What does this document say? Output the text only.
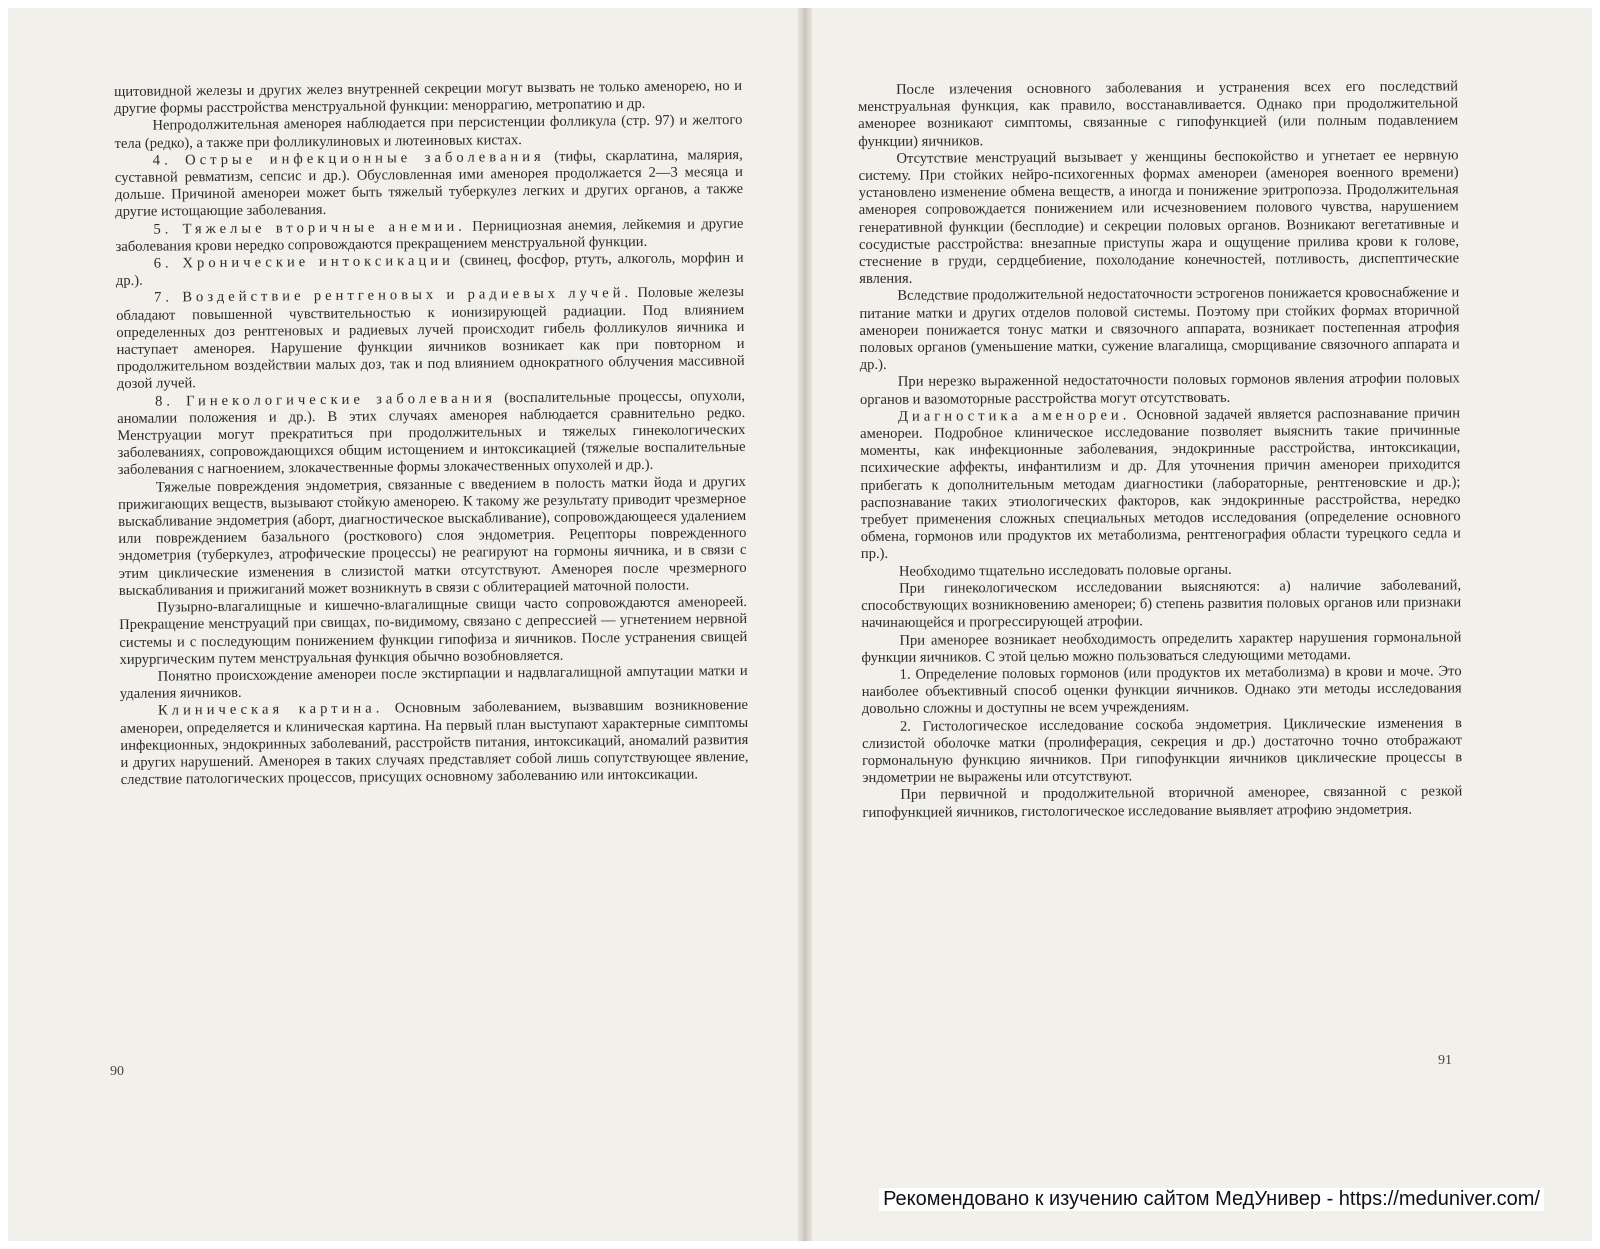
щитовидной железы и других желез внутренней секреции могут вызвать не только аменорею, но и другие формы расстройства менструальной функции: меноррагию, метропатию и др.

Непродолжительная аменорея наблюдается при персистенции фолликула (стр. 97) и желтого тела (редко), а также при фолликулиновых и лютеиновых кистах.

4. Острые инфекционные заболевания (тифы, скарлатина, малярия, суставной ревматизм, сепсис и др.). Обусловленная ими аменорея продолжается 2—3 месяца и дольше. Причиной аменореи может быть тяжелый туберкулез легких и других органов, а также другие истощающие заболевания.

5. Тяжелые вторичные анемии. Пернициозная анемия, лейкемия и другие заболевания крови нередко сопровождаются прекращением менструальной функции.

6. Хронические интоксикации (свинец, фосфор, ртуть, алкоголь, морфин и др.).

7. Воздействие рентгеновых и радиевых лучей. Половые железы обладают повышенной чувствительностью к ионизирующей радиации. Под влиянием определенных доз рентгеновых и радиевых лучей происходит гибель фолликулов яичника и наступает аменорея. Нарушение функции яичников возникает как при повторном и продолжительном воздействии малых доз, так и под влиянием однократного облучения массивной дозой лучей.

8. Гинекологические заболевания (воспалительные процессы, опухоли, аномалии положения и др.). В этих случаях аменорея наблюдается сравнительно редко. Менструации могут прекратиться при продолжительных и тяжелых гинекологических заболеваниях, сопровождающихся общим истощением и интоксикацией (тяжелые воспалительные заболевания с нагноением, злокачественные формы злокачественных опухолей и др.).

Тяжелые повреждения эндометрия, связанные с введением в полость матки йода и других прижигающих веществ, вызывают стойкую аменорею. К такому же результату приводит чрезмерное выскабливание эндометрия (аборт, диагностическое выскабливание), сопровождающееся удалением или повреждением базального (росткового) слоя эндометрия. Рецепторы поврежденного эндометрия (туберкулез, атрофические процессы) не реагируют на гормоны яичника, и в связи с этим циклические изменения в слизистой матки отсутствуют. Аменорея после чрезмерного выскабливания и прижиганий может возникнуть в связи с облитерацией маточной полости.

Пузырно-влагалищные и кишечно-влагалищные свищи часто сопровождаются аменореей. Прекращение менструаций при свищах, по-видимому, связано с депрессией — угнетением нервной системы и с последующим понижением функции гипофиза и яичников. После устранения свищей хирургическим путем менструальная функция обычно возобновляется.

Понятно происхождение аменореи после экстирпации и надвлагалищной ампутации матки и удаления яичников.

Клиническая картина. Основным заболеванием, вызвавшим возникновение аменореи, определяется и клиническая картина. На первый план выступают характерные симптомы инфекционных, эндокринных заболеваний, расстройств питания, интоксикаций, аномалий развития и других нарушений. Аменорея в таких случаях представляет собой лишь сопутствующее явление, следствие патологических процессов, присущих основному заболеванию или интоксикации.

90

После излечения основного заболевания и устранения всех его последствий менструальная функция, как правило, восстанавливается. Однако при продолжительной аменорее возникают симптомы, связанные с гипофункцией (или полным подавлением функции) яичников.

Отсутствие менструаций вызывает у женщины беспокойство и угнетает ее нервную систему. При стойких нейро-психогенных формах аменореи (аменорея военного времени) установлено изменение обмена веществ, а иногда и понижение эритропоэза. Продолжительная аменорея сопровождается понижением или исчезновением полового чувства, нарушением генеративной функции (бесплодие) и секреции половых органов. Возникают вегетативные и сосудистые расстройства: внезапные приступы жара и ощущение прилива крови к голове, стеснение в груди, сердцебиение, похолодание конечностей, потливость, диспептические явления.

Вследствие продолжительной недостаточности эстрогенов понижается кровоснабжение и питание матки и других отделов половой системы. Поэтому при стойких формах вторичной аменореи понижается тонус матки и связочного аппарата, возникает постепенная атрофия половых органов (уменьшение матки, сужение влагалища, сморщивание связочного аппарата и др.).

При нерезко выраженной недостаточности половых гормонов явления атрофии половых органов и вазомоторные расстройства могут отсутствовать.

Диагностика аменореи. Основной задачей является распознавание причин аменореи. Подробное клиническое исследование позволяет выяснить такие причинные моменты, как инфекционные заболевания, эндокринные расстройства, интоксикации, психические аффекты, инфантилизм и др. Для уточнения причин аменореи приходится прибегать к дополнительным методам диагностики (лабораторные, рентгеновские и др.); распознавание таких этиологических факторов, как эндокринные расстройства, нередко требует применения сложных специальных методов исследования (определение основного обмена, гормонов или продуктов их метаболизма, рентгенография области турецкого седла и пр.).

Необходимо тщательно исследовать половые органы.

При гинекологическом исследовании выясняются: а) наличие заболеваний, способствующих возникновению аменореи; б) степень развития половых органов или признаки начинающейся и прогрессирующей атрофии.

При аменорее возникает необходимость определить характер нарушения гормональной функции яичников. С этой целью можно пользоваться следующими методами.

1. Определение половых гормонов (или продуктов их метаболизма) в крови и моче. Это наиболее объективный способ оценки функции яичников. Однако эти методы исследования довольно сложны и доступны не всем учреждениям.

2. Гистологическое исследование соскоба эндометрия. Циклические изменения в слизистой оболочке матки (пролиферация, секреция и др.) достаточно точно отображают гормональную функцию яичников. При гипофункции яичников циклические процессы в эндометрии не выражены или отсутствуют.

При первичной и продолжительной вторичной аменорее, связанной с резкой гипофункцией яичников, гистологическое исследование выявляет атрофию эндометрия.

91
Рекомендовано к изучению сайтом МедУнивер - https://meduniver.com/
